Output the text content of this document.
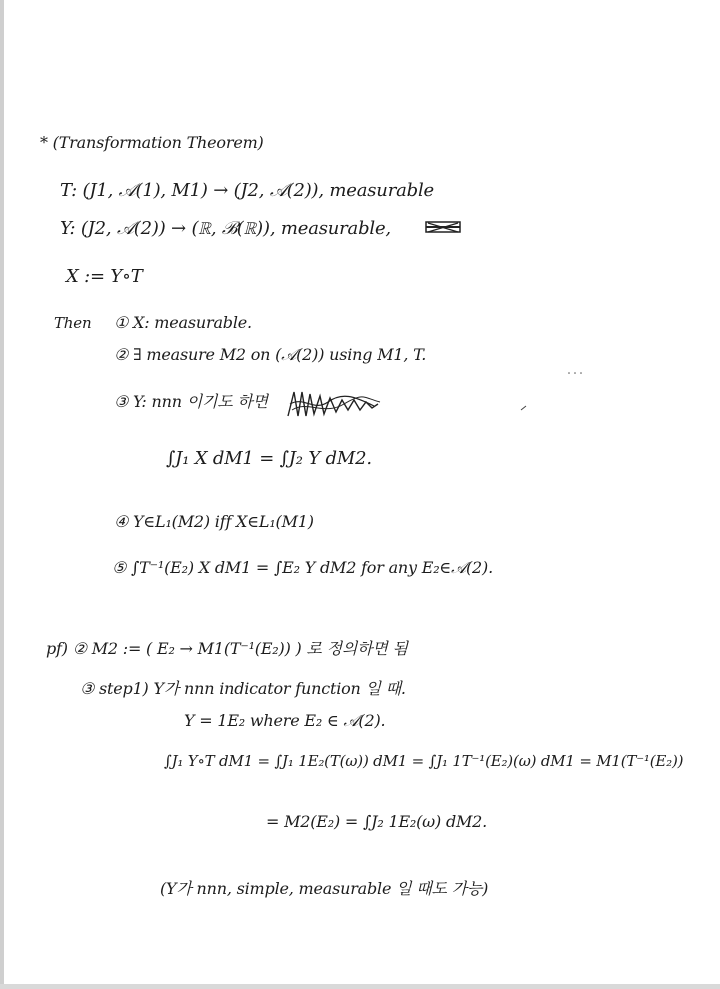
* (Transformation Theorem)
T: (J1, 𝒜(1), M1) → (J2, 𝒜(2)), measurable
Y: (J2, 𝒜(2)) → (ℝ, ℬ(ℝ)), measurable,
X := Y∘T
Then ① X: measurable.
② ∃ measure M2 on (𝒜(2)) using M1, T.
③ Y: nnn 이기도 하면
∫J₁ X dM1 = ∫J₂ Y dM2.
④ Y∈L₁(M2) iff X∈L₁(M1)
⑤ ∫T⁻¹(E₂) X dM1 = ∫E₂ Y dM2 for any E₂∈𝒜(2).
pf) ② M2 := ( E₂ → M1(T⁻¹(E₂)) ) 로 정의하면 됨
③ step1) Y가 nnn indicator function 일 때.
Y = 1E₂ where E₂ ∈ 𝒜(2).
∫J₁ Y∘T dM1 = ∫J₁ 1E₂(T(ω)) dM1 = ∫J₁ 1T⁻¹(E₂)(ω) dM1 = M1(T⁻¹(E₂))
= M2(E₂) = ∫J₂ 1E₂(ω) dM2.
(Y가 nnn, simple, measurable 일 때도 가능)
